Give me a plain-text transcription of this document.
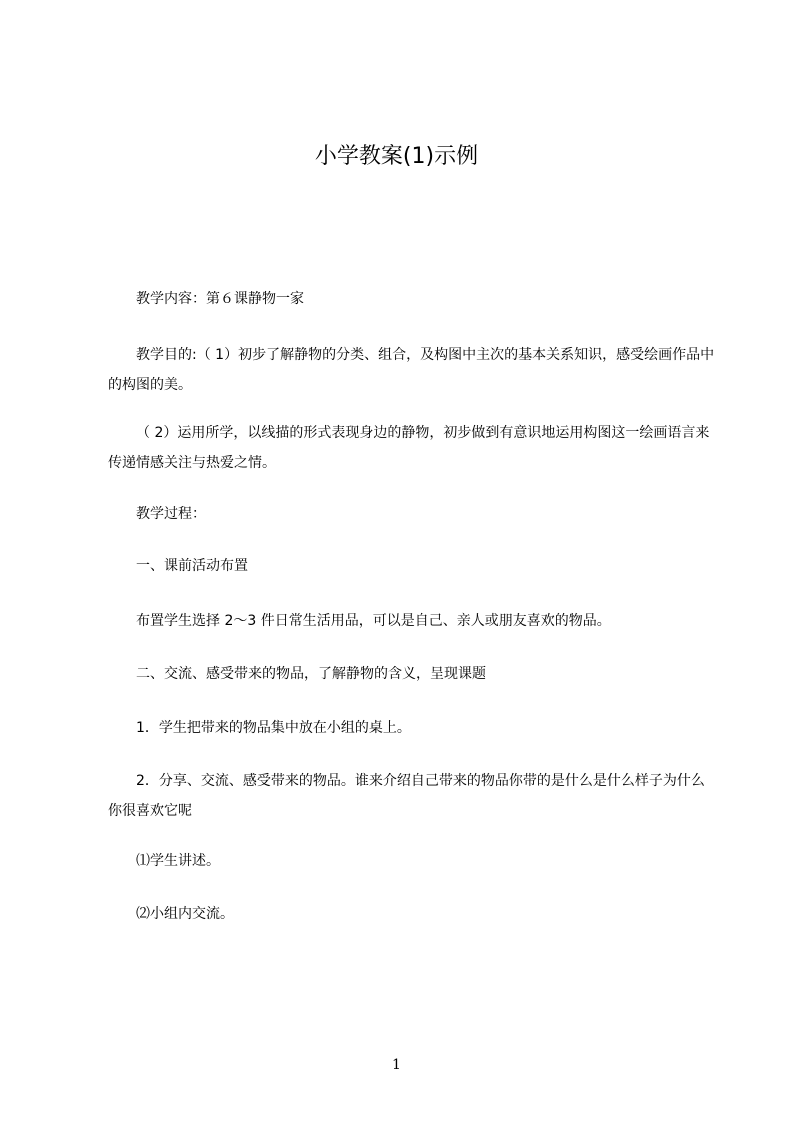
小学教案(1)示例

教学内容：第６课静物一家

教学目的:（ 1）初步了解静物的分类、组合，及构图中主次的基本关系知识，感受绘画作品中的构图的美。

（ 2）运用所学，以线描的形式表现身边的静物，初步做到有意识地运用构图这一绘画语言来传递情感关注与热爱之情。

教学过程：

一、课前活动布置

布置学生选择 2～3 件日常生活用品，可以是自己、亲人或朋友喜欢的物品。

二、交流、感受带来的物品，了解静物的含义，呈现课题

1．学生把带来的物品集中放在小组的桌上。

2．分享、交流、感受带来的物品。谁来介绍自己带来的物品你带的是什么是什么样子为什么你很喜欢它呢

⑴学生讲述。

⑵小组内交流。

1
